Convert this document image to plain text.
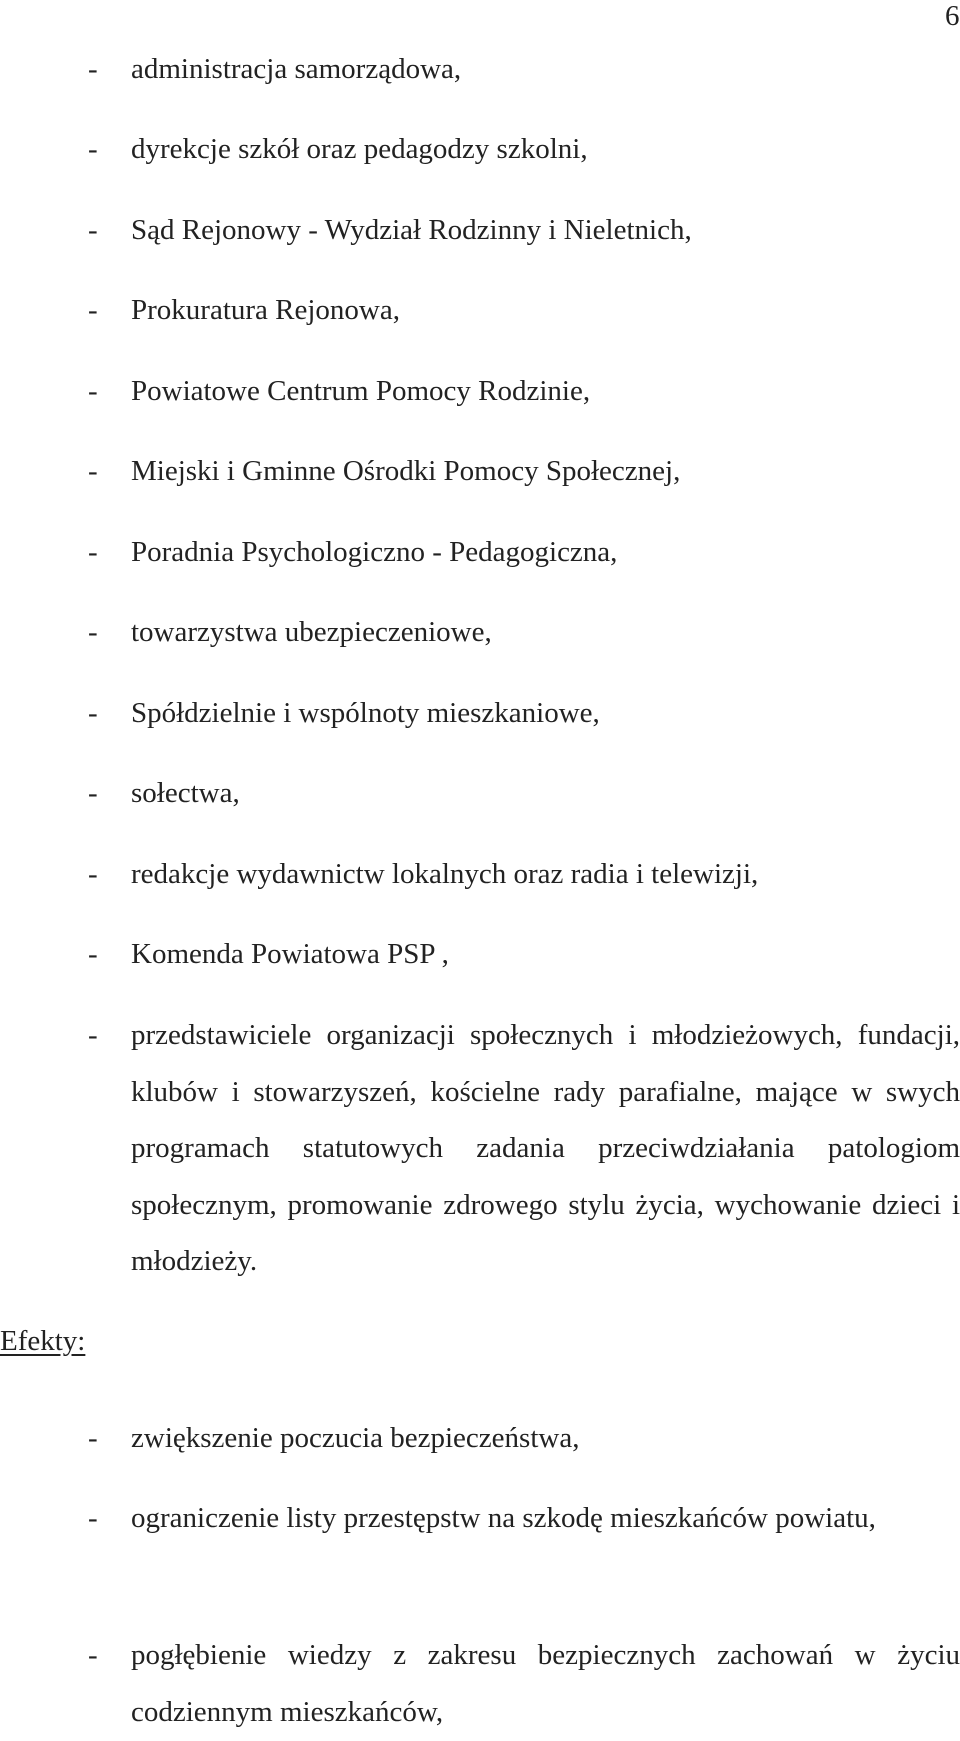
6
- administracja samorządowa,
- dyrekcje szkół oraz pedagodzy szkolni,
- Sąd Rejonowy - Wydział Rodzinny i Nieletnich,
- Prokuratura Rejonowa,
- Powiatowe Centrum Pomocy Rodzinie,
- Miejski i Gminne Ośrodki Pomocy Społecznej,
- Poradnia Psychologiczno - Pedagogiczna,
- towarzystwa ubezpieczeniowe,
- Spółdzielnie i wspólnoty mieszkaniowe,
- sołectwa,
- redakcje wydawnictw lokalnych oraz radia i telewizji,
- Komenda Powiatowa PSP ,
- przedstawiciele organizacji społecznych i młodzieżowych, fundacji, klubów i stowarzyszeń, kościelne rady parafialne, mające w swych programach statutowych zadania przeciwdziałania patologiom społecznym, promowanie zdrowego stylu życia, wychowanie dzieci i młodzieży.
Efekty:
- zwiększenie poczucia bezpieczeństwa,
- ograniczenie listy przestępstw na szkodę mieszkańców powiatu,
- pogłębienie wiedzy z zakresu bezpiecznych zachowań w życiu codziennym mieszkańców,
